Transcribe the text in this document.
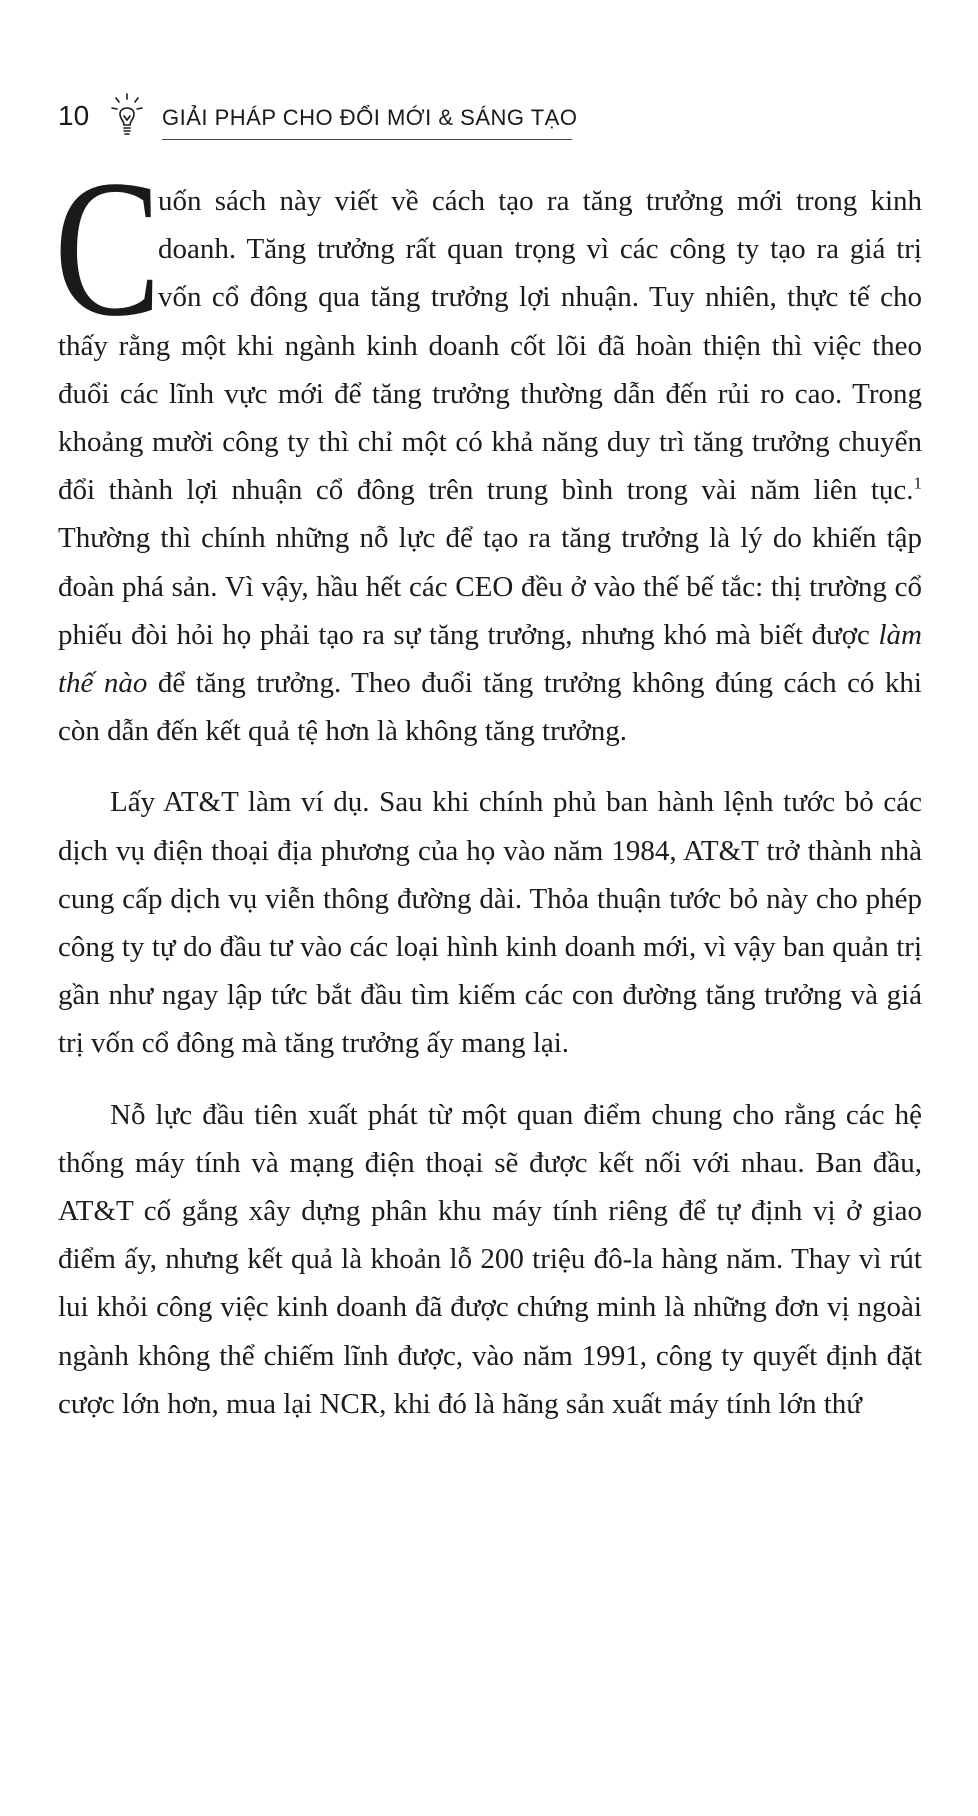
10	GIẢI PHÁP CHO ĐỔI MỚI & SÁNG TẠO

C
uốn sách này viết về cách tạo ra tăng trưởng mới trong kinh doanh. Tăng trưởng rất quan trọng vì các công ty tạo ra giá trị vốn cổ đông qua tăng trưởng lợi nhuận. Tuy nhiên, thực tế cho thấy rằng một khi ngành kinh doanh cốt lõi đã hoàn thiện thì việc theo đuổi các lĩnh vực mới để tăng trưởng thường dẫn đến rủi ro cao. Trong khoảng mười công ty thì chỉ một có khả năng duy trì tăng trưởng chuyển đổi thành lợi nhuận cổ đông trên trung bình trong vài năm liên tục.$^1$ Thường thì chính những nỗ lực để tạo ra tăng trưởng là lý do khiến tập đoàn phá sản. Vì vậy, hầu hết các CEO đều ở vào thế bế tắc: thị trường cổ phiếu đòi hỏi họ phải tạo ra sự tăng trưởng, nhưng khó mà biết được làm thế nào để tăng trưởng. Theo đuổi tăng trưởng không đúng cách có khi còn dẫn đến kết quả tệ hơn là không tăng trưởng.

Lấy AT&T làm ví dụ. Sau khi chính phủ ban hành lệnh tước bỏ các dịch vụ điện thoại địa phương của họ vào năm 1984, AT&T trở thành nhà cung cấp dịch vụ viễn thông đường dài. Thỏa thuận tước bỏ này cho phép công ty tự do đầu tư vào các loại hình kinh doanh mới, vì vậy ban quản trị gần như ngay lập tức bắt đầu tìm kiếm các con đường tăng trưởng và giá trị vốn cổ đông mà tăng trưởng ấy mang lại.

Nỗ lực đầu tiên xuất phát từ một quan điểm chung cho rằng các hệ thống máy tính và mạng điện thoại sẽ được kết nối với nhau. Ban đầu, AT&T cố gắng xây dựng phân khu máy tính riêng để tự định vị ở giao điểm ấy, nhưng kết quả là khoản lỗ 200 triệu đô-la hàng năm. Thay vì rút lui khỏi công việc kinh doanh đã được chứng minh là những đơn vị ngoài ngành không thể chiếm lĩnh được, vào năm 1991, công ty quyết định đặt cược lớn hơn, mua lại NCR, khi đó là hãng sản xuất máy tính lớn thứ
